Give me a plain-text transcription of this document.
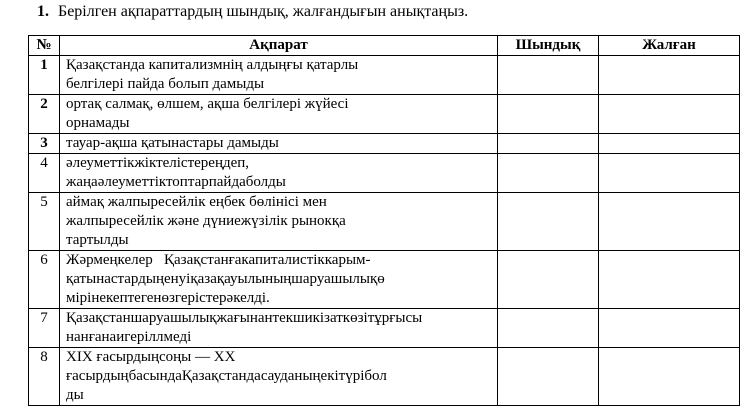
1. Берілген ақпараттардың шындық, жалғандығын анықтаңыз.
№	Ақпарат	Шындық	Жалған
1	Қазақстанда капитализмнің алдыңғы қатарлы
белгілері пайда болып дамыды		

2	ортақ салмақ, өлшем, ақша белгілері жүйесі
орнамады		

3	тауар-ақша қатынастары дамыды		

4	әлеуметтікжіктелістереңдеп,
жаңаәлеуметтіктоптарпайдаболды		

5	аймақ жалпыресейлік еңбек бөлінісі мен
жалпыресейлік және дүниежүзілік рынокқа
тартылды		

6	Жәрмеңкелер   Қазақстанғакапиталистіккарым-
қатынастардыңенуіқазақауылыныңшаруашылықө
мірінекептегенөзгерістерәкелді.		

7	Қазақстаншаруашылықжағынантекшикізаткөзітұрғысы
нанғанаигеріллмеді		

8	XIX ғасырдыңсоңы — XX
ғасырдыңбасындаҚазақстандасауданыңекітүрібол
ды		
